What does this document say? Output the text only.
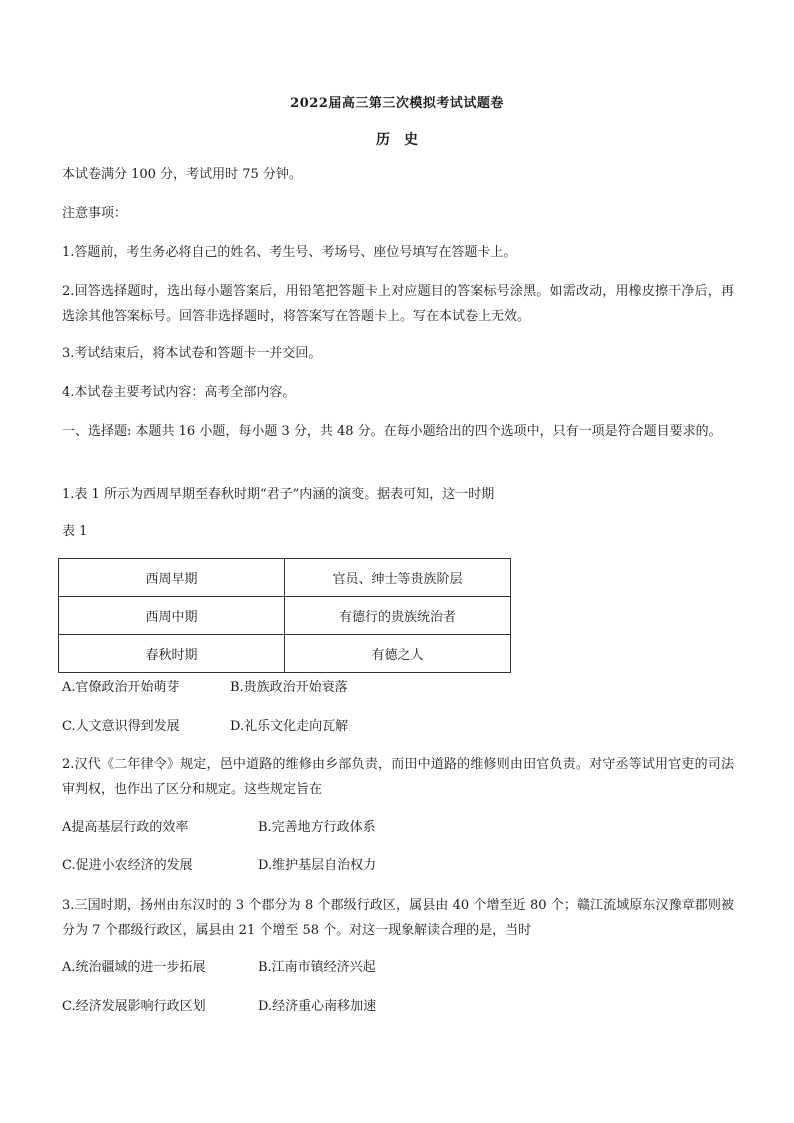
2022届高三第三次模拟考试试题卷
历史
本试卷满分 100 分，考试用时 75 分钟。
注意事项：
1.答题前，考生务必将自己的姓名、考生号、考场号、座位号填写在答题卡上。
2.回答选择题时，选出每小题答案后，用铅笔把答题卡上对应题目的答案标号涂黑。如需改动，用橡皮擦干净后，再选涂其他答案标号。回答非选择题时，将答案写在答题卡上。写在本试卷上无效。
3.考试结束后，将本试卷和答题卡一并交回。
4.本试卷主要考试内容：高考全部内容。
一、选择题: 本题共 16 小题，每小题 3 分，共 48 分。在每小题给出的四个选项中，只有一项是符合题目要求的。
1.表 1 所示为西周早期至春秋时期“君子”内涵的演变。据表可知，这一时期
表 1
西周早期	官员、绅士等贵族阶层
西周中期	有德行的贵族统治者
春秋时期	有德之人
A.官僚政治开始萌芽	B.贵族政治开始衰落
C.人文意识得到发展	D.礼乐文化走向瓦解
2.汉代《二年律令》规定，邑中道路的维修由乡部负责，而田中道路的维修则由田官负责。对守丞等试用官吏的司法审判权，也作出了区分和规定。这些规定旨在
A提高基层行政的效率	B.完善地方行政体系
C.促进小农经济的发展	D.维护基层自治权力
3.三国时期，扬州由东汉时的 3 个郡分为 8 个郡级行政区，属县由 40 个增至近 80 个；赣江流域原东汉豫章郡则被分为 7 个郡级行政区，属县由 21 个增至 58 个。对这一现象解读合理的是，当时
A.统治疆域的进一步拓展	B.江南市镇经济兴起
C.经济发展影响行政区划	D.经济重心南移加速
